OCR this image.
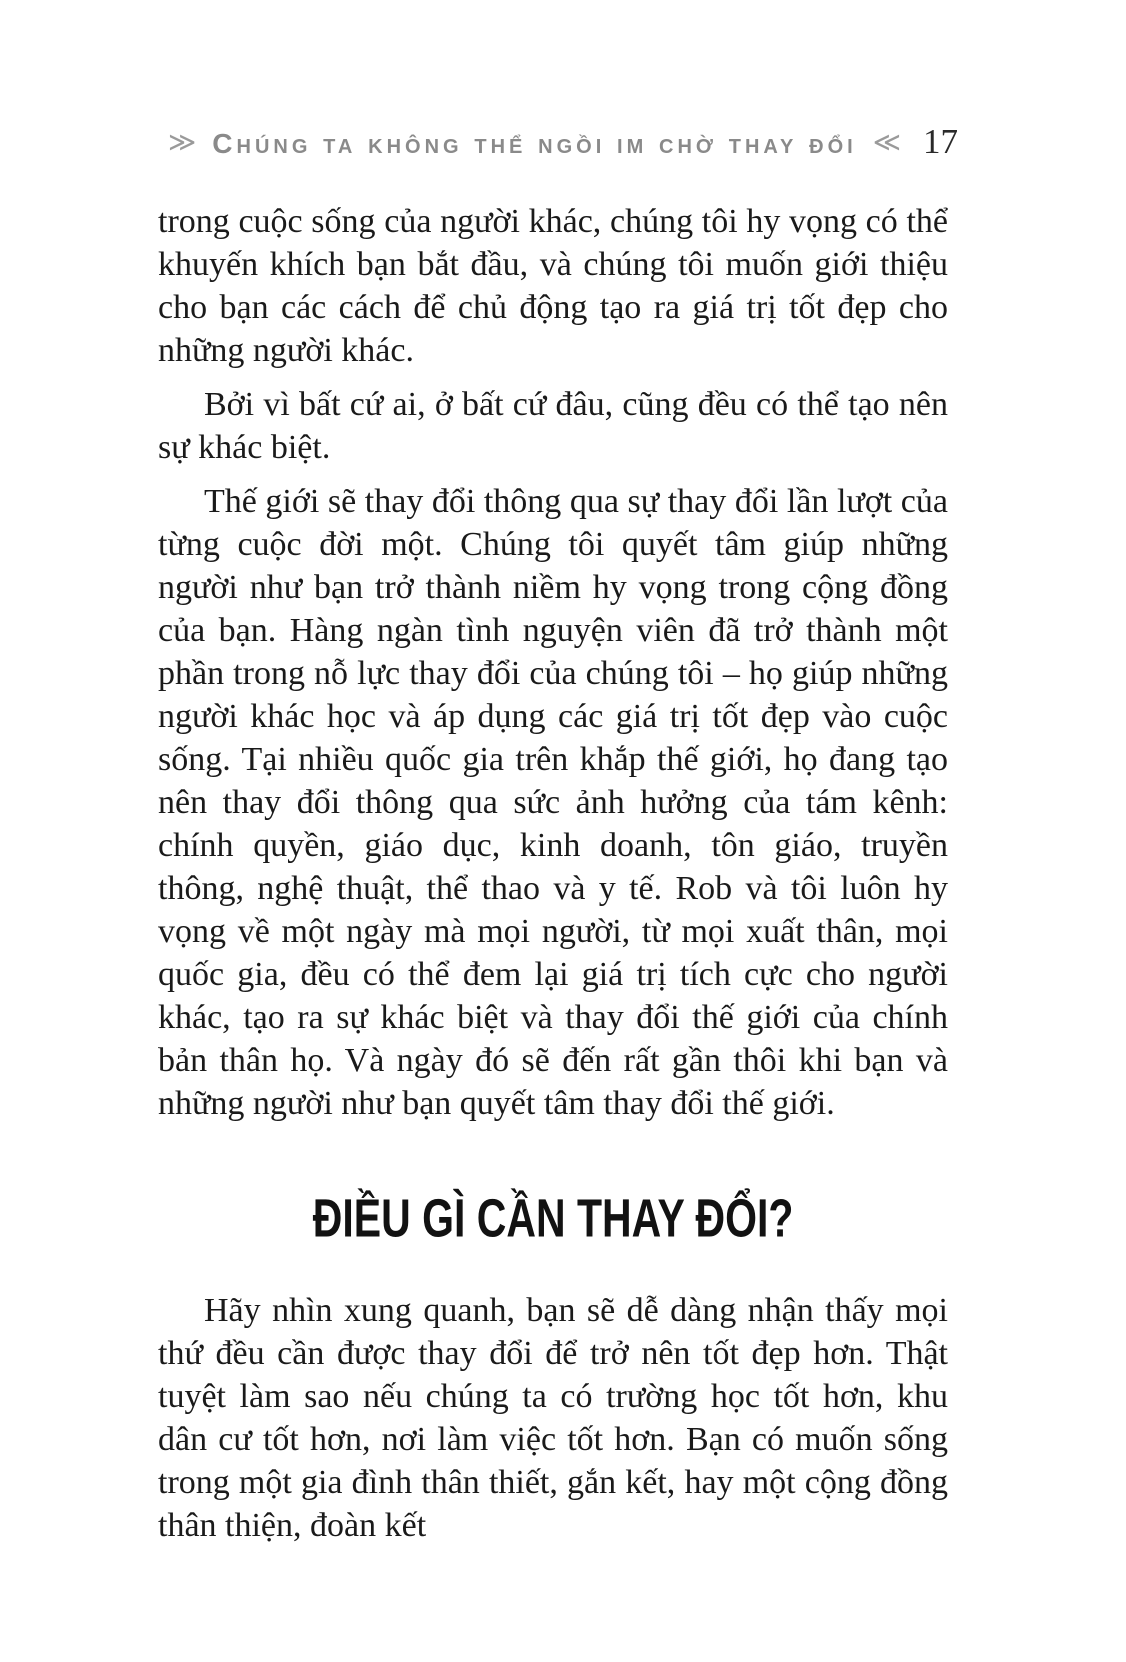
≫ Chúng ta không thể ngồi im chờ thay đổi ≪ 17

trong cuộc sống của người khác, chúng tôi hy vọng có thể khuyến khích bạn bắt đầu, và chúng tôi muốn giới thiệu cho bạn các cách để chủ động tạo ra giá trị tốt đẹp cho những người khác.

Bởi vì bất cứ ai, ở bất cứ đâu, cũng đều có thể tạo nên sự khác biệt.

Thế giới sẽ thay đổi thông qua sự thay đổi lần lượt của từng cuộc đời một. Chúng tôi quyết tâm giúp những người như bạn trở thành niềm hy vọng trong cộng đồng của bạn. Hàng ngàn tình nguyện viên đã trở thành một phần trong nỗ lực thay đổi của chúng tôi – họ giúp những người khác học và áp dụng các giá trị tốt đẹp vào cuộc sống. Tại nhiều quốc gia trên khắp thế giới, họ đang tạo nên thay đổi thông qua sức ảnh hưởng của tám kênh: chính quyền, giáo dục, kinh doanh, tôn giáo, truyền thông, nghệ thuật, thể thao và y tế. Rob và tôi luôn hy vọng về một ngày mà mọi người, từ mọi xuất thân, mọi quốc gia, đều có thể đem lại giá trị tích cực cho người khác, tạo ra sự khác biệt và thay đổi thế giới của chính bản thân họ. Và ngày đó sẽ đến rất gần thôi khi bạn và những người như bạn quyết tâm thay đổi thế giới.

ĐIỀU GÌ CẦN THAY ĐỔI?

Hãy nhìn xung quanh, bạn sẽ dễ dàng nhận thấy mọi thứ đều cần được thay đổi để trở nên tốt đẹp hơn. Thật tuyệt làm sao nếu chúng ta có trường học tốt hơn, khu dân cư tốt hơn, nơi làm việc tốt hơn. Bạn có muốn sống trong một gia đình thân thiết, gắn kết, hay một cộng đồng thân thiện, đoàn kết
